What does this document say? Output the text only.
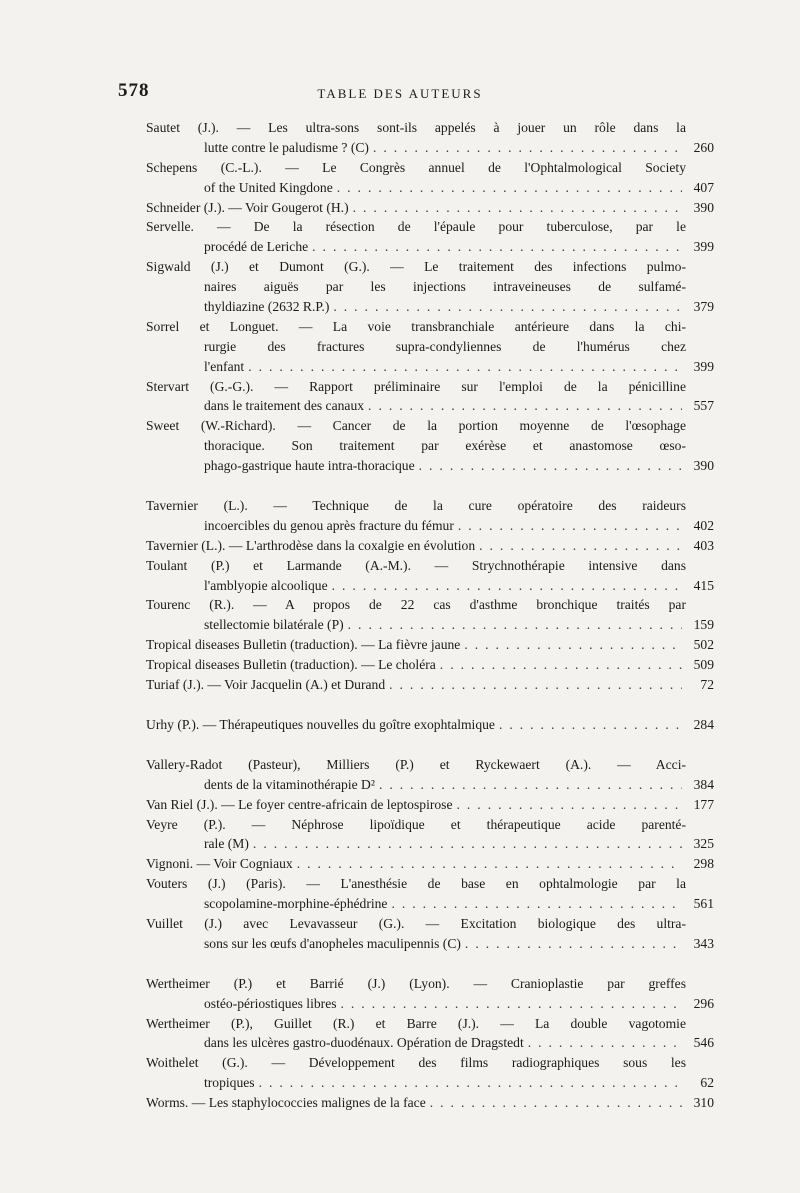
578	TABLE DES AUTEURS
Sautet (J.). — Les ultra-sons sont-ils appelés à jouer un rôle dans la
lutte contre le paludisme ? (C) . . .	260
Schepens (C.-L.). — Le Congrès annuel de l'Ophtalmological Society
of the United Kingdone . . .	407
Schneider (J.). — Voir Gougerot (H.) . . .	390
Servelle. — De la résection de l'épaule pour tuberculose, par le
procédé de Leriche . . .	399
Sigwald (J.) et Dumont (G.). — Le traitement des infections pulmo-
naires aiguës par les injections intraveineuses de sulfamé-
thyldiazine (2632 R.P.) . . .	379
Sorrel et Longuet. — La voie transbranchiale antérieure dans la chi-
rurgie des fractures supra-condyliennes de l'humérus chez
l'enfant . . .	399
Stervart (G.-G.). — Rapport préliminaire sur l'emploi de la pénicilline
dans le traitement des canaux . . .	557
Sweet (W.-Richard). — Cancer de la portion moyenne de l'œsophage
thoracique. Son traitement par exérèse et anastomose œso-
phago-gastrique haute intra-thoracique . . .	390
Tavernier (L.). — Technique de la cure opératoire des raideurs
incoercibles du genou après fracture du fémur . . .	402
Tavernier (L.). — L'arthrodèse dans la coxalgie en évolution . . .	403
Toulant (P.) et Larmande (A.-M.). — Strychnothérapie intensive dans
l'amblyopie alcoolique . . .	415
Tourenc (R.). — A propos de 22 cas d'asthme bronchique traités par
stellectomie bilatérale (P) . . .	159
Tropical diseases Bulletin (traduction). — La fièvre jaune . . .	502
Tropical diseases Bulletin (traduction). — Le choléra . . .	509
Turiaf (J.). — Voir Jacquelin (A.) et Durand . . .	72
Urhy (P.). — Thérapeutiques nouvelles du goître exophtalmique . . .	284
Vallery-Radot (Pasteur), Milliers (P.) et Ryckewaert (A.). — Acci-
dents de la vitaminothérapie D² . . .	384
Van Riel (J.). — Le foyer centre-africain de leptospirose . . .	177
Veyre (P.). — Néphrose lipoïdique et thérapeutique acide parenté-
rale (M) . . .	325
Vignoni. — Voir Cogniaux . . .	298
Vouters (J.) (Paris). — L'anesthésie de base en ophtalmologie par la
scopolamine-morphine-éphédrine . . .	561
Vuillet (J.) avec Levavasseur (G.). — Excitation biologique des ultra-
sons sur les œufs d'anopheles maculipennis (C) . . .	343
Wertheimer (P.) et Barrié (J.) (Lyon). — Cranioplastie par greffes
ostéo-périostiques libres . . .	296
Wertheimer (P.), Guillet (R.) et Barre (J.). — La double vagotomie
dans les ulcères gastro-duodénaux. Opération de Dragstedt . . .	546
Woithelet (G.). — Développement des films radiographiques sous les
tropiques . . .	62
Worms. — Les staphylococcies malignes de la face . . .	310
